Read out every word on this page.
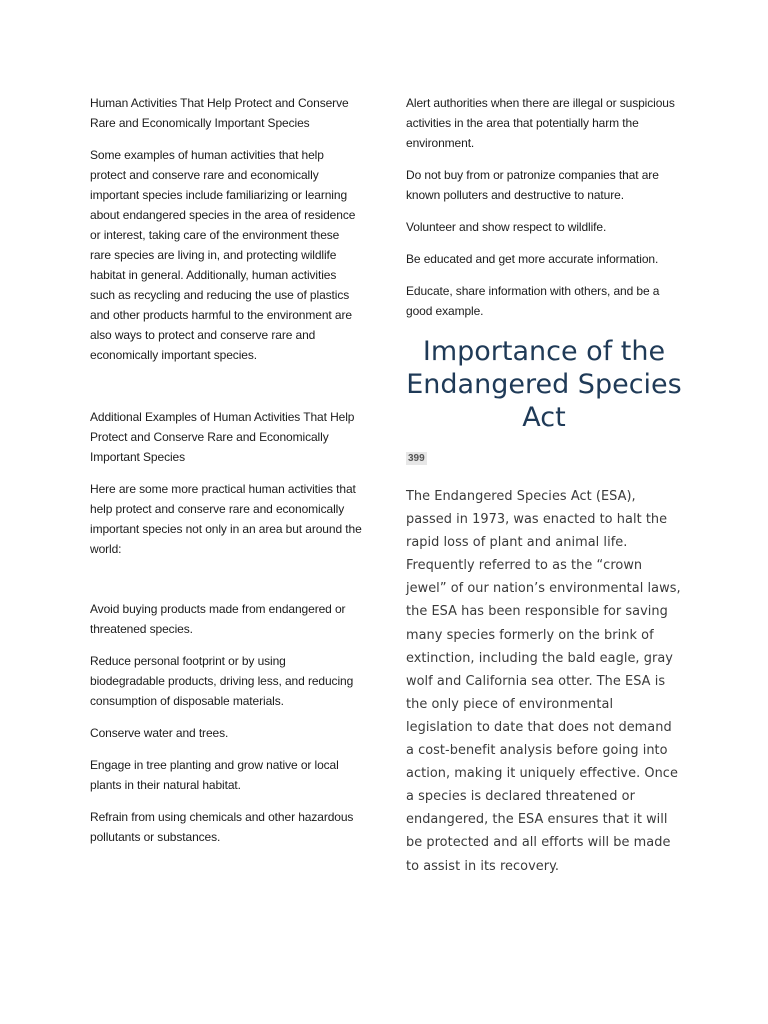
Human Activities That Help Protect and Conserve Rare and Economically Important Species

Some examples of human activities that help protect and conserve rare and economically important species include familiarizing or learning about endangered species in the area of residence or interest, taking care of the environment these rare species are living in, and protecting wildlife habitat in general. Additionally, human activities such as recycling and reducing the use of plastics and other products harmful to the environment are also ways to protect and conserve rare and economically important species.

Additional Examples of Human Activities That Help Protect and Conserve Rare and Economically Important Species

Here are some more practical human activities that help protect and conserve rare and economically important species not only in an area but around the world:

Avoid buying products made from endangered or threatened species.

Reduce personal footprint or by using biodegradable products, driving less, and reducing consumption of disposable materials.

Conserve water and trees.

Engage in tree planting and grow native or local plants in their natural habitat.

Refrain from using chemicals and other hazardous pollutants or substances.

Alert authorities when there are illegal or suspicious activities in the area that potentially harm the environment.

Do not buy from or patronize companies that are known polluters and destructive to nature.

Volunteer and show respect to wildlife.

Be educated and get more accurate information.

Educate, share information with others, and be a good example.

Importance of the Endangered Species Act
399

The Endangered Species Act (ESA), passed in 1973, was enacted to halt the rapid loss of plant and animal life. Frequently referred to as the “crown jewel” of our nation’s environmental laws, the ESA has been responsible for saving many species formerly on the brink of extinction, including the bald eagle, gray wolf and California sea otter. The ESA is the only piece of environmental legislation to date that does not demand a cost-benefit analysis before going into action, making it uniquely effective. Once a species is declared threatened or endangered, the ESA ensures that it will be protected and all efforts will be made to assist in its recovery.
